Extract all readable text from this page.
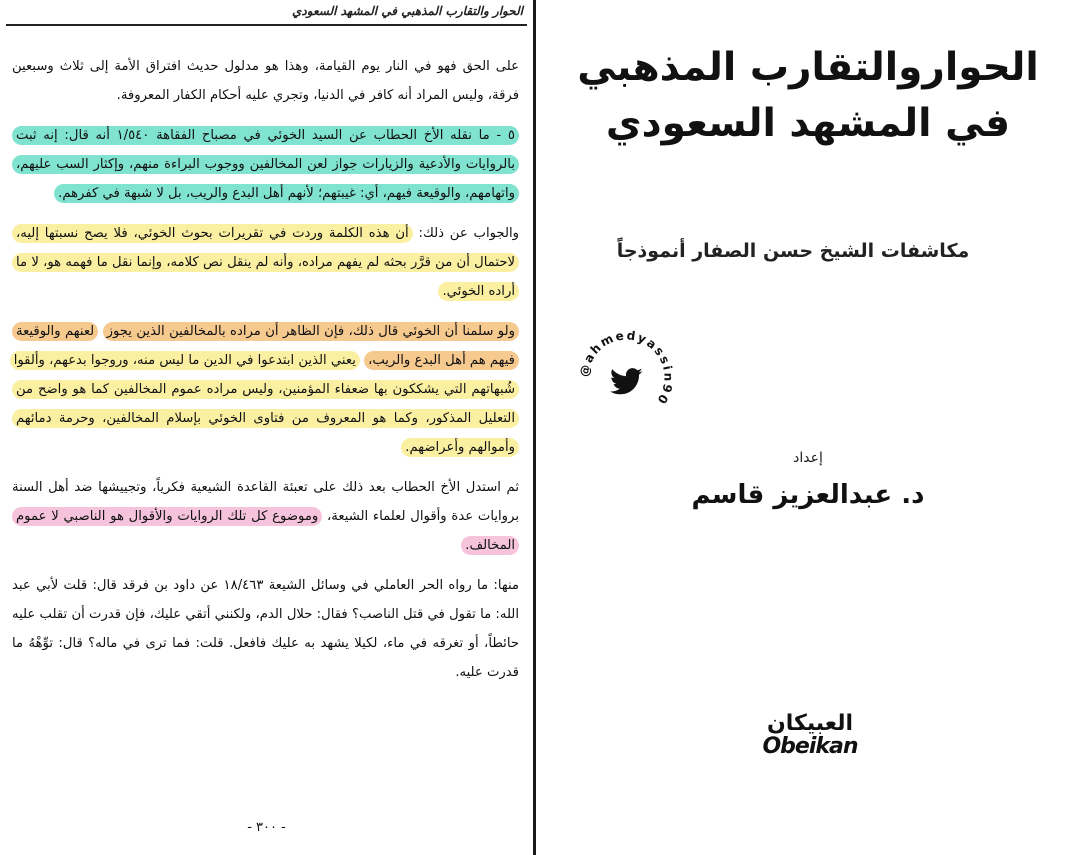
الحوار والتقارب المذهبي في المشهد السعودي

على الحق فهو في النار يوم القيامة، وهذا هو مدلول حديث افتراق الأمة إلى ثلاث وسبعين فرقة، وليس المراد أنه كافر في الدنيا، وتجري عليه أحكام الكفار المعروفة.

٥ - ما نقله الأخ الحطاب عن السيد الخوئي في مصباح الفقاهة ١/٥٤٠ أنه قال: إنه ثبت بالروايات والأدعية والزيارات جواز لعن المخالفين ووجوب البراءة منهم، وإكثار السب عليهم، واتهامهم، والوقيعة فيهم، أي: غيبتهم؛ لأنهم أهل البدع والريب، بل لا شبهة في كفرهم.

والجواب عن ذلك: أن هذه الكلمة وردت في تقريرات بحوث الخوئي، فلا يصح نسبتها إليه، لاحتمال أن من قرَّر بحثه لم يفهم مراده، وأنه لم ينقل نص كلامه، وإنما نقل ما فهمه هو، لا ما أراده الخوئي.

ولو سلمنا أن الخوئي قال ذلك، فإن الظاهر أن مراده بالمخالفين الذين يجوز لعنهم والوقيعة فيهم هم أهل البدع والريب، يعني الذين ابتدعوا في الدين ما ليس منه، وروجوا بدعهم، وألقوا شُبهاتهم التي يشككون بها ضعفاء المؤمنين، وليس مراده عموم المخالفين كما هو واضح من التعليل المذكور، وكما هو المعروف من فتاوى الخوئي بإسلام المخالفين، وحرمة دمائهم وأموالهم وأعراضهم.

ثم استدل الأخ الحطاب بعد ذلك على تعبئة القاعدة الشيعية فكرياً، وتجييشها ضد أهل السنة بروايات عدة وأقوال لعلماء الشيعة، وموضوع كل تلك الروايات والأقوال هو الناصبي لا عموم المخالف.

منها: ما رواه الحر العاملي في وسائل الشيعة ١٨/٤٦٣ عن داود بن فرقد قال: قلت لأبي عبد الله: ما تقول في قتل الناصب؟ فقال: حلال الدم، ولكنني أتقي عليك، فإن قدرت أن تقلب عليه حائطاً، أو تغرقه في ماء، لكيلا يشهد به عليك فافعل. قلت: فما ترى في ماله؟ قال: توِّهْهُ ما قدرت عليه.

- ٣٠٠ -
الحواروالتقارب المذهبي
في المشهد السعودي
مكاشفات الشيخ حسن الصفار أنموذجاً
@ahmedyassin90
إعداد
د. عبدالعزيز قاسم
العبيكان
Obeikan
